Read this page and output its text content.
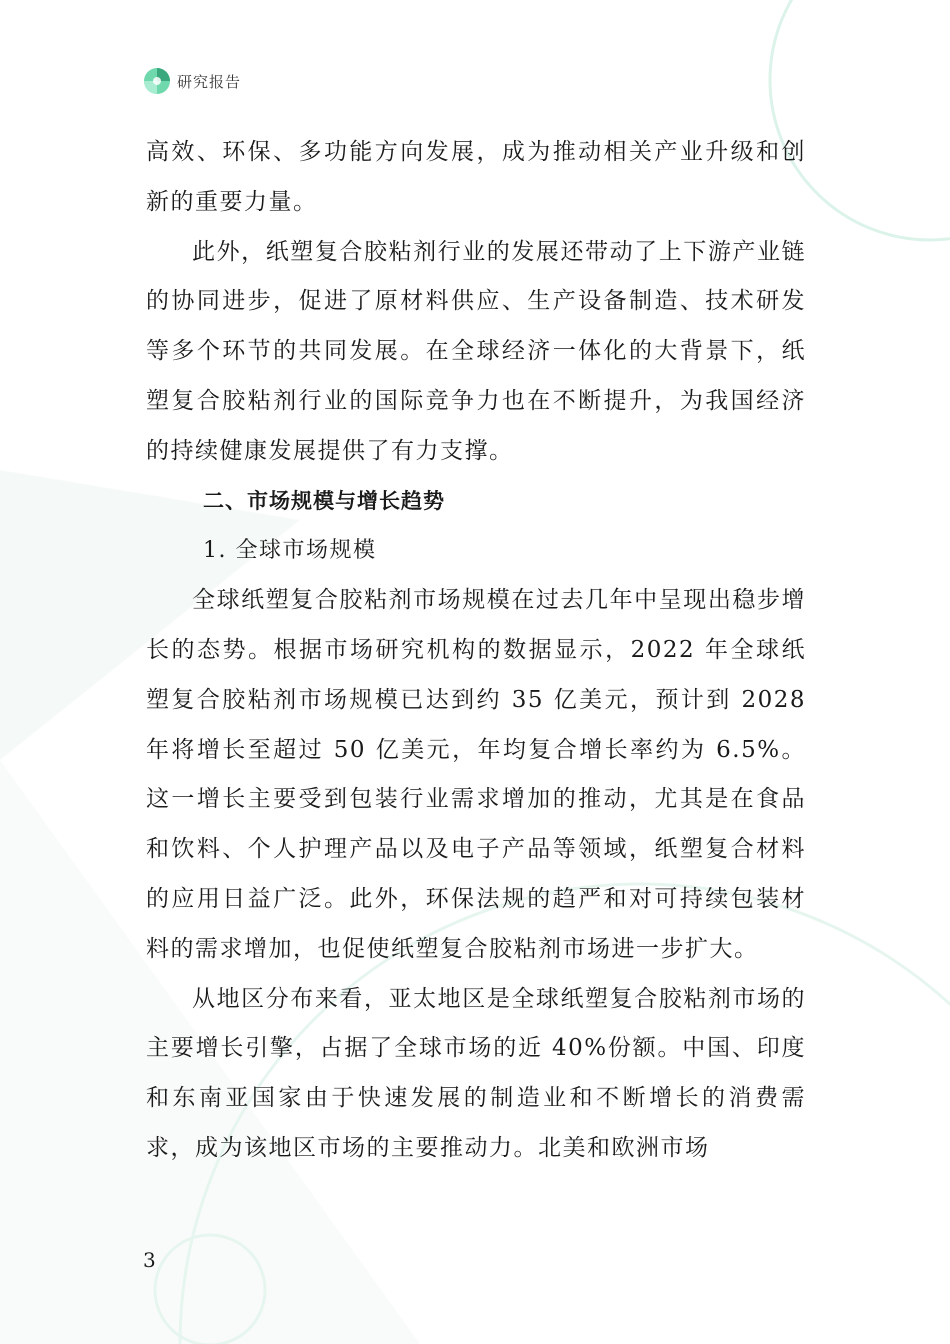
研究报告

高效、环保、多功能方向发展，成为推动相关产业升级和创新的重要力量。

此外，纸塑复合胶粘剂行业的发展还带动了上下游产业链的协同进步，促进了原材料供应、生产设备制造、技术研发等多个环节的共同发展。在全球经济一体化的大背景下，纸塑复合胶粘剂行业的国际竞争力也在不断提升，为我国经济的持续健康发展提供了有力支撑。

二、市场规模与增长趋势

1. 全球市场规模

全球纸塑复合胶粘剂市场规模在过去几年中呈现出稳步增长的态势。根据市场研究机构的数据显示，2022 年全球纸塑复合胶粘剂市场规模已达到约 35 亿美元，预计到 2028 年将增长至超过 50 亿美元，年均复合增长率约为 6.5%。这一增长主要受到包装行业需求增加的推动，尤其是在食品和饮料、个人护理产品以及电子产品等领域，纸塑复合材料的应用日益广泛。此外，环保法规的趋严和对可持续包装材料的需求增加，也促使纸塑复合胶粘剂市场进一步扩大。

从地区分布来看，亚太地区是全球纸塑复合胶粘剂市场的主要增长引擎，占据了全球市场的近 40%份额。中国、印度和东南亚国家由于快速发展的制造业和不断增长的消费需求，成为该地区市场的主要推动力。北美和欧洲市场

3
